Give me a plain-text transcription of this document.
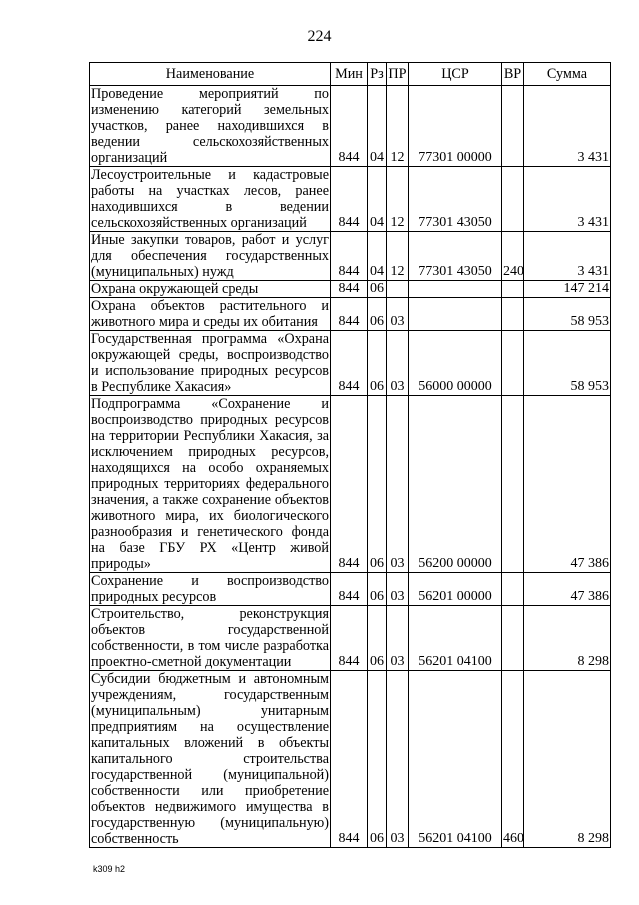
224
Наименование	Мин	Рз	ПР	ЦСР	ВР	Сумма
Проведение мероприятий по изменению категорий земельных участков, ранее находившихся в ведении сельскохозяйственных организаций	844	04	12	77301 00000		3 431
Лесоустроительные и кадастровые работы на участках лесов, ранее находившихся в ведении сельскохозяйственных организаций	844	04	12	77301 43050		3 431
Иные закупки товаров, работ и услуг для обеспечения государственных (муниципальных) нужд	844	04	12	77301 43050	240	3 431
Охрана окружающей среды	844	06				147 214
Охрана объектов растительного и животного мира и среды их обитания	844	06	03			58 953
Государственная программа «Охрана окружающей среды, воспроизводство и использование природных ресурсов в Республике Хакасия»	844	06	03	56000 00000		58 953
Подпрограмма «Сохранение и воспроизводство природных ресурсов на территории Республики Хакасия, за исключением природных ресурсов, находящихся на особо охраняемых природных территориях федерального значения, а также сохранение объектов животного мира, их биологического разнообразия и генетического фонда на базе ГБУ РХ «Центр живой природы»	844	06	03	56200 00000		47 386
Сохранение и воспроизводство природных ресурсов	844	06	03	56201 00000		47 386
Строительство, реконструкция объектов государственной собственности, в том числе разработка проектно-сметной документации	844	06	03	56201 04100		8 298
Субсидии бюджетным и автономным учреждениям, государственным (муниципальным) унитарным предприятиям на осуществление капитальных вложений в объекты капитального строительства государственной (муниципальной) собственности или приобретение объектов недвижимого имущества в государственную (муниципальную) собственность	844	06	03	56201 04100	460	8 298
k309 h2
